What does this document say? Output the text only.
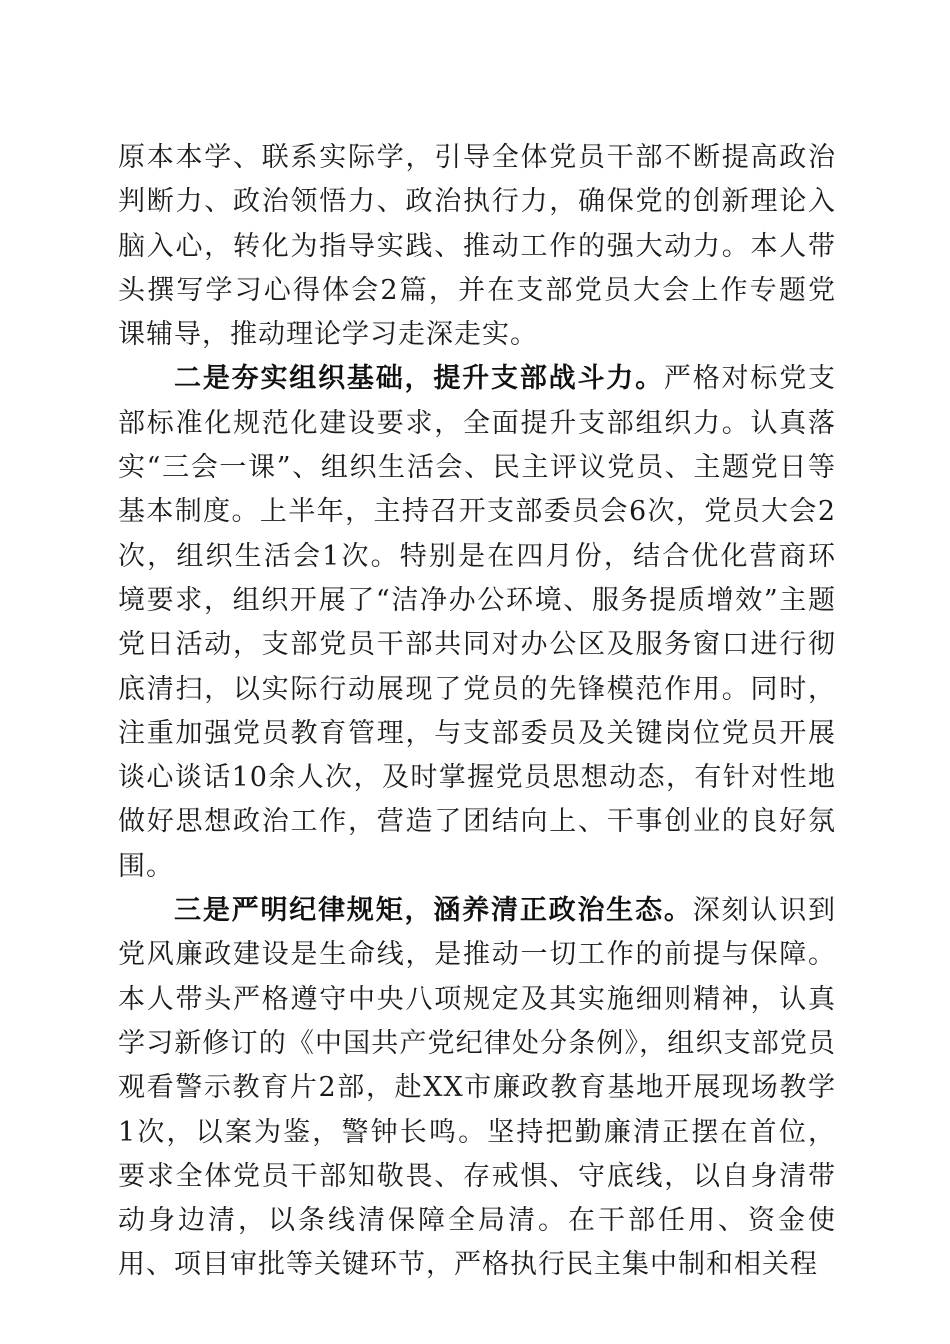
原本本学、联系实际学，引导全体党员干部不断提高政治判断力、政治领悟力、政治执行力，确保党的创新理论入脑入心，转化为指导实践、推动工作的强大动力。本人带头撰写学习心得体会2篇，并在支部党员大会上作专题党课辅导，推动理论学习走深走实。

二是夯实组织基础，提升支部战斗力。严格对标党支部标准化规范化建设要求，全面提升支部组织力。认真落实“三会一课”、组织生活会、民主评议党员、主题党日等基本制度。上半年，主持召开支部委员会6次，党员大会2次，组织生活会1次。特别是在四月份，结合优化营商环境要求，组织开展了“洁净办公环境、服务提质增效”主题党日活动，支部党员干部共同对办公区及服务窗口进行彻底清扫，以实际行动展现了党员的先锋模范作用。同时，注重加强党员教育管理，与支部委员及关键岗位党员开展谈心谈话10余人次，及时掌握党员思想动态，有针对性地做好思想政治工作，营造了团结向上、干事创业的良好氛围。

三是严明纪律规矩，涵养清正政治生态。深刻认识到党风廉政建设是生命线，是推动一切工作的前提与保障。本人带头严格遵守中央八项规定及其实施细则精神，认真学习新修订的《中国共产党纪律处分条例》，组织支部党员观看警示教育片2部，赴XX市廉政教育基地开展现场教学1次，以案为鉴，警钟长鸣。坚持把勤廉清正摆在首位，要求全体党员干部知敬畏、存戒惧、守底线，以自身清带动身边清，以条线清保障全局清。在干部任用、资金使用、项目审批等关键环节，严格执行民主集中制和相关程
